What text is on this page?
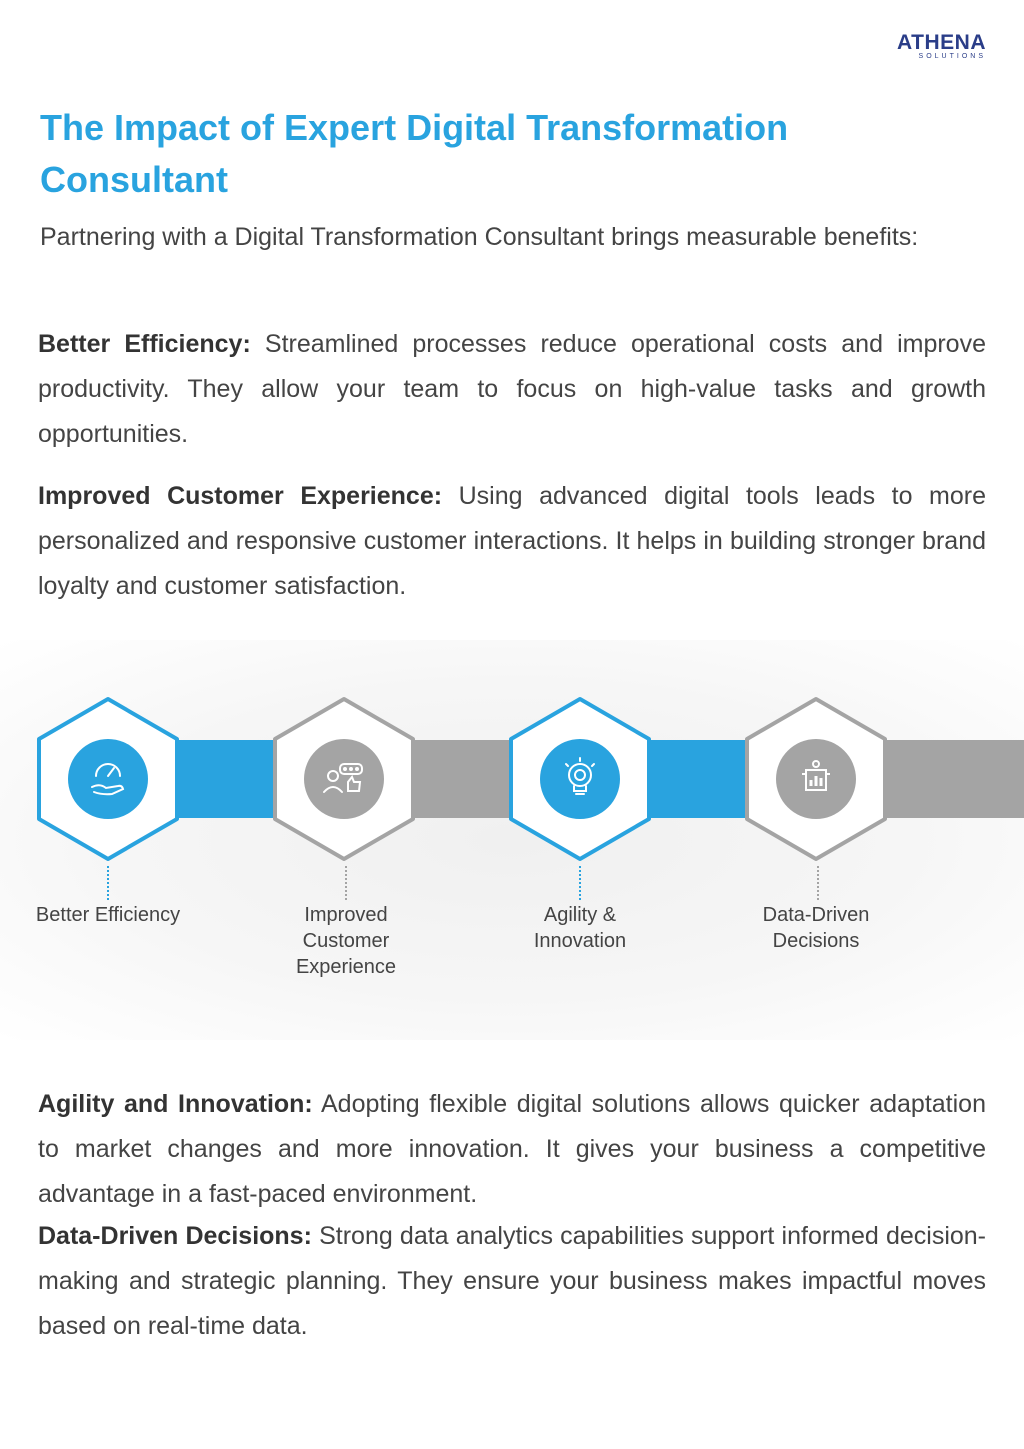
ATHENA
SOLUTIONS
The Impact of Expert Digital Transformation Consultant

Partnering with a Digital Transformation Consultant brings measurable benefits:

Better Efficiency: Streamlined processes reduce operational costs and improve productivity. They allow your team to focus on high-value tasks and growth opportunities.

Improved Customer Experience: Using advanced digital tools leads to more personalized and responsive customer interactions. It helps in building stronger brand loyalty and customer satisfaction.

Better Efficiency	Improved Customer Experience
Agility & Innovation
Data-Driven Decisions

Agility and Innovation: Adopting flexible digital solutions allows quicker adaptation to market changes and more innovation. It gives your business a competitive advantage in a fast-paced environment.

Data-Driven Decisions: Strong data analytics capabilities support informed decision-making and strategic planning. They ensure your business makes impactful moves based on real-time data.
